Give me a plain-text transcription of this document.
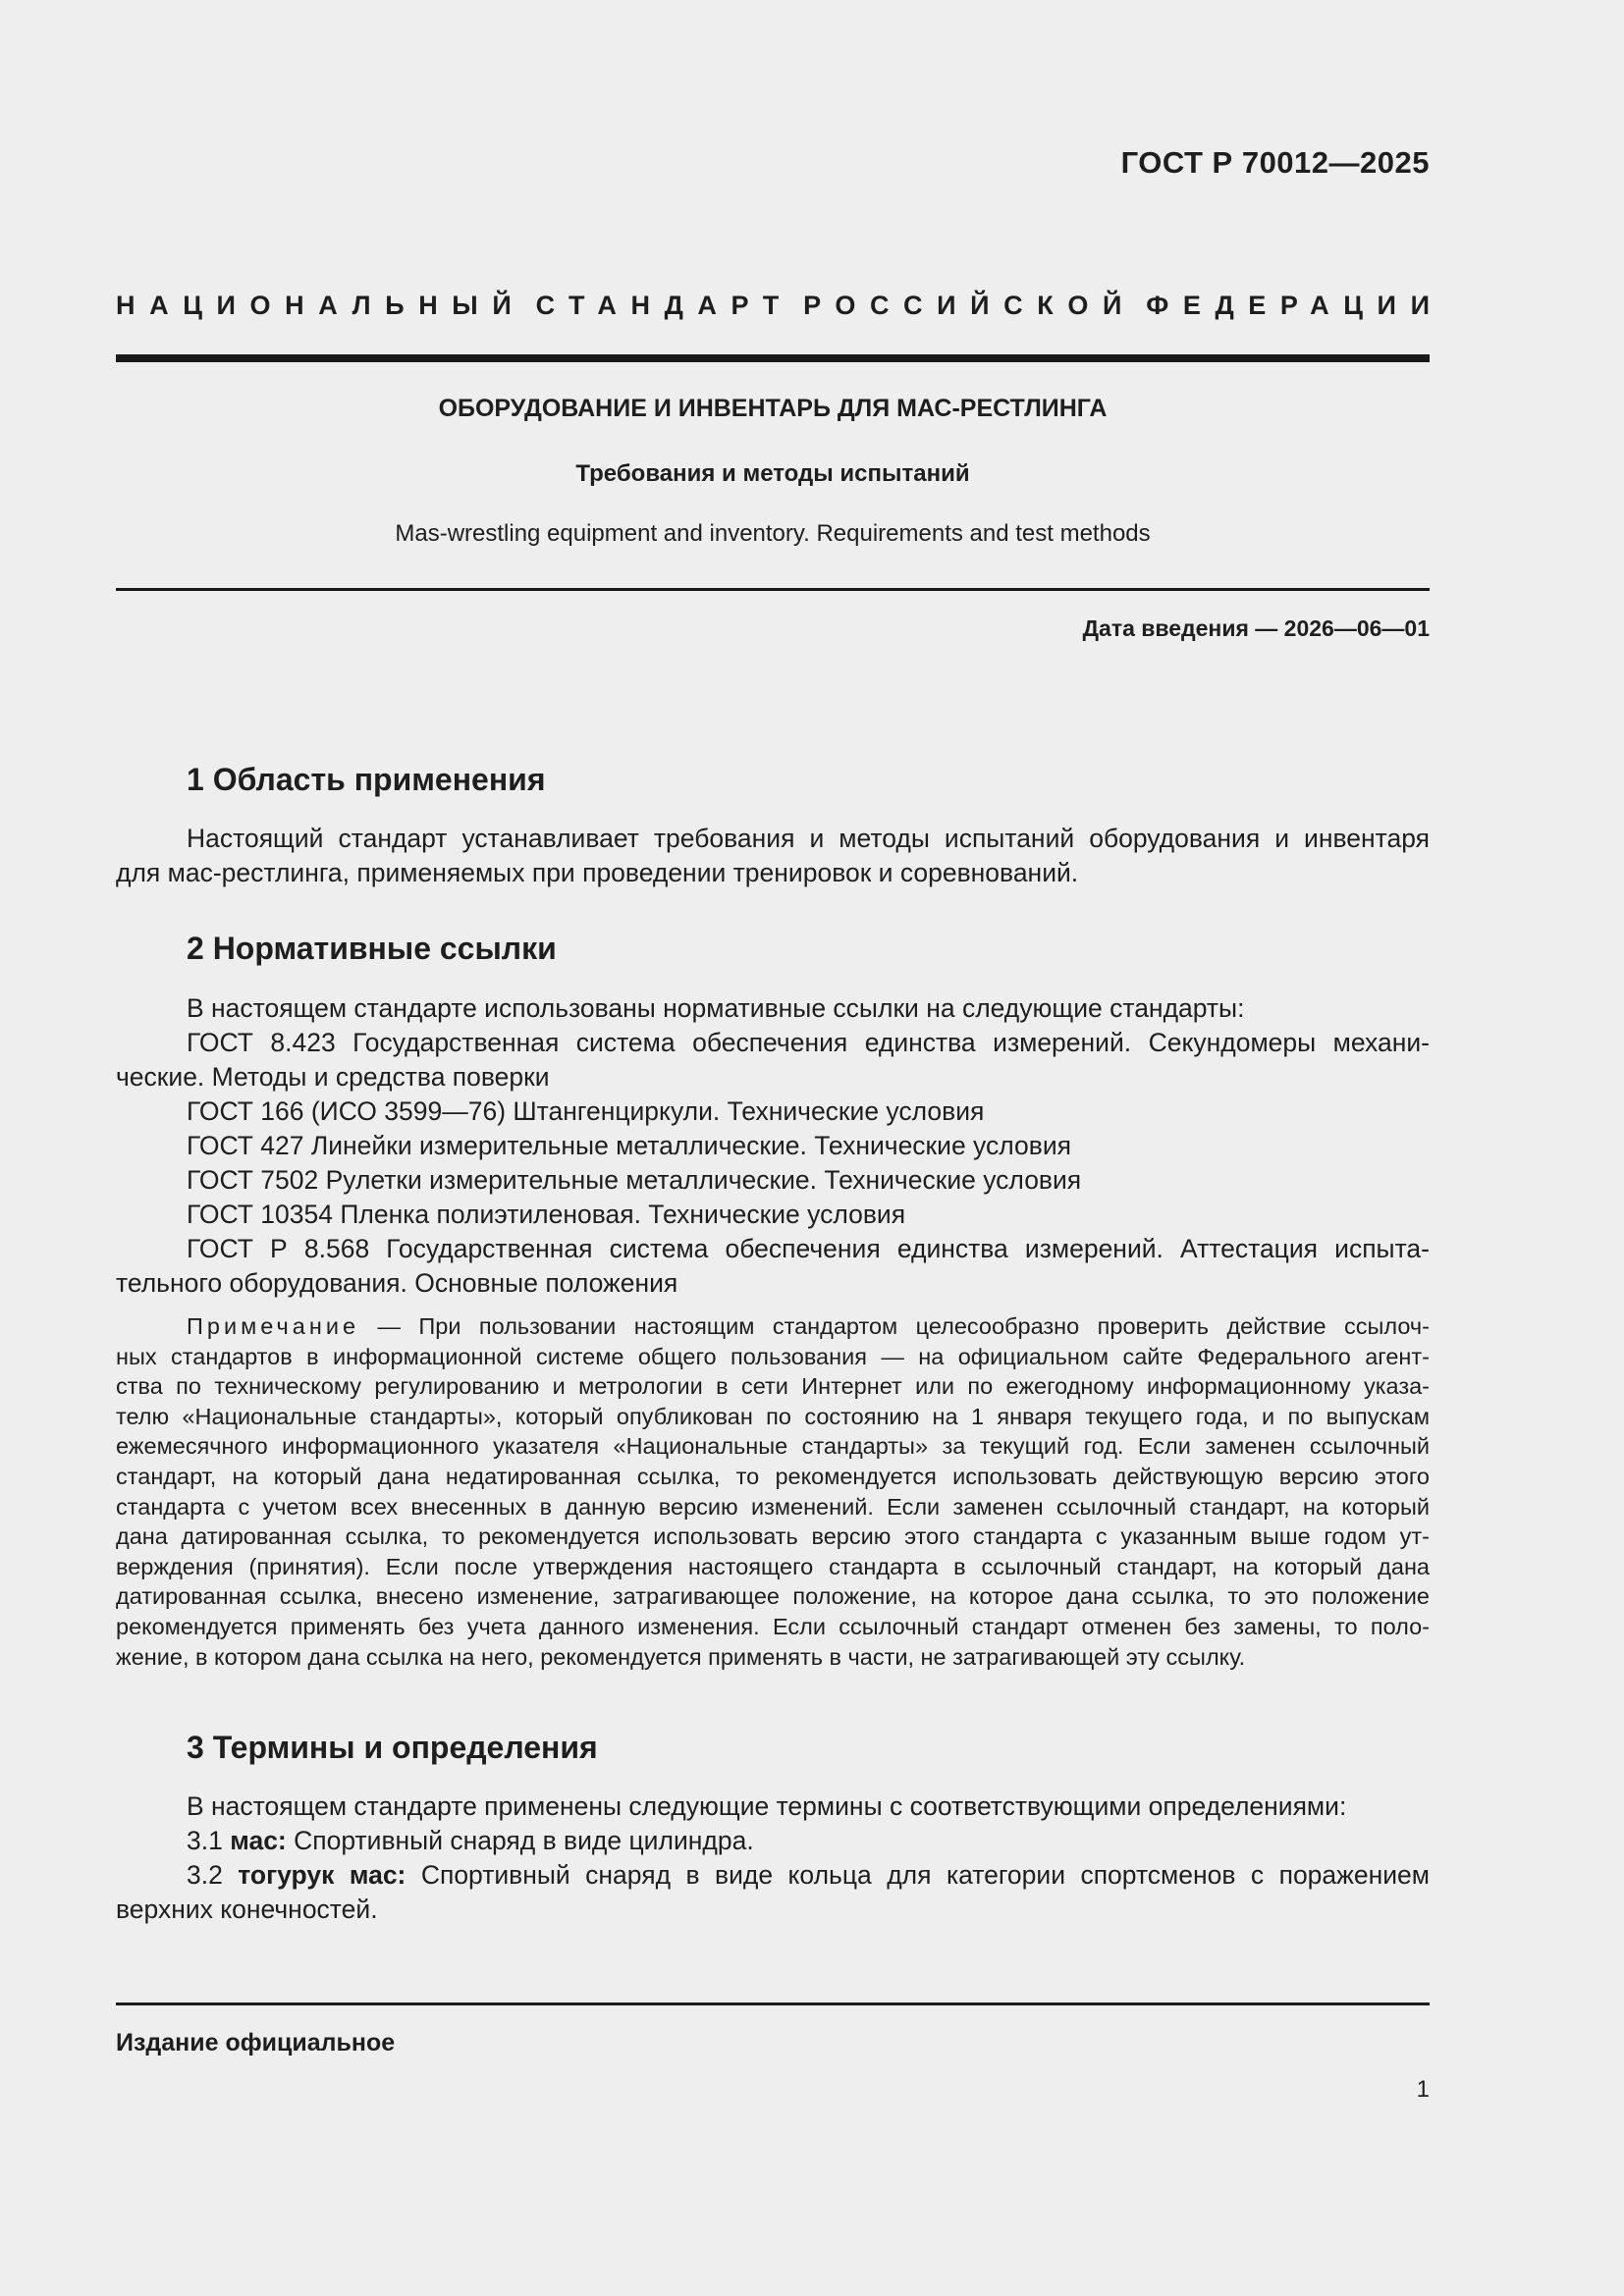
ГОСТ Р 70012—2025
НАЦИОНАЛЬНЫЙ СТАНДАРТ РОССИЙСКОЙ ФЕДЕРАЦИИ
ОБОРУДОВАНИЕ И ИНВЕНТАРЬ ДЛЯ МАС-РЕСТЛИНГА
Требования и методы испытаний
Mas-wrestling equipment and inventory. Requirements and test methods
Дата введения — 2026—06—01
1 Область применения
Настоящий стандарт устанавливает требования и методы испытаний оборудования и инвентаря
для мас-рестлинга, применяемых при проведении тренировок и соревнований.
2 Нормативные ссылки
В настоящем стандарте использованы нормативные ссылки на следующие стандарты:
ГОСТ 8.423 Государственная система обеспечения единства измерений. Секундомеры механи-
ческие. Методы и средства поверки
ГОСТ 166 (ИСО 3599—76) Штангенциркули. Технические условия
ГОСТ 427 Линейки измерительные металлические. Технические условия
ГОСТ 7502 Рулетки измерительные металлические. Технические условия
ГОСТ 10354 Пленка полиэтиленовая. Технические условия
ГОСТ Р 8.568 Государственная система обеспечения единства измерений. Аттестация испыта-
тельного оборудования. Основные положения
Примечание — При пользовании настоящим стандартом целесообразно проверить действие ссылоч-
ных стандартов в информационной системе общего пользования — на официальном сайте Федерального агент-
ства по техническому регулированию и метрологии в сети Интернет или по ежегодному информационному указа-
телю «Национальные стандарты», который опубликован по состоянию на 1 января текущего года, и по выпускам
ежемесячного информационного указателя «Национальные стандарты» за текущий год. Если заменен ссылочный
стандарт, на который дана недатированная ссылка, то рекомендуется использовать действующую версию этого
стандарта с учетом всех внесенных в данную версию изменений. Если заменен ссылочный стандарт, на который
дана датированная ссылка, то рекомендуется использовать версию этого стандарта с указанным выше годом ут-
верждения (принятия). Если после утверждения настоящего стандарта в ссылочный стандарт, на который дана
датированная ссылка, внесено изменение, затрагивающее положение, на которое дана ссылка, то это положение
рекомендуется применять без учета данного изменения. Если ссылочный стандарт отменен без замены, то поло-
жение, в котором дана ссылка на него, рекомендуется применять в части, не затрагивающей эту ссылку.
3 Термины и определения
В настоящем стандарте применены следующие термины с соответствующими определениями:
3.1 мас: Спортивный снаряд в виде цилиндра.
3.2 тогурук мас: Спортивный снаряд в виде кольца для категории спортсменов с поражением
верхних конечностей.
Издание официальное
1
